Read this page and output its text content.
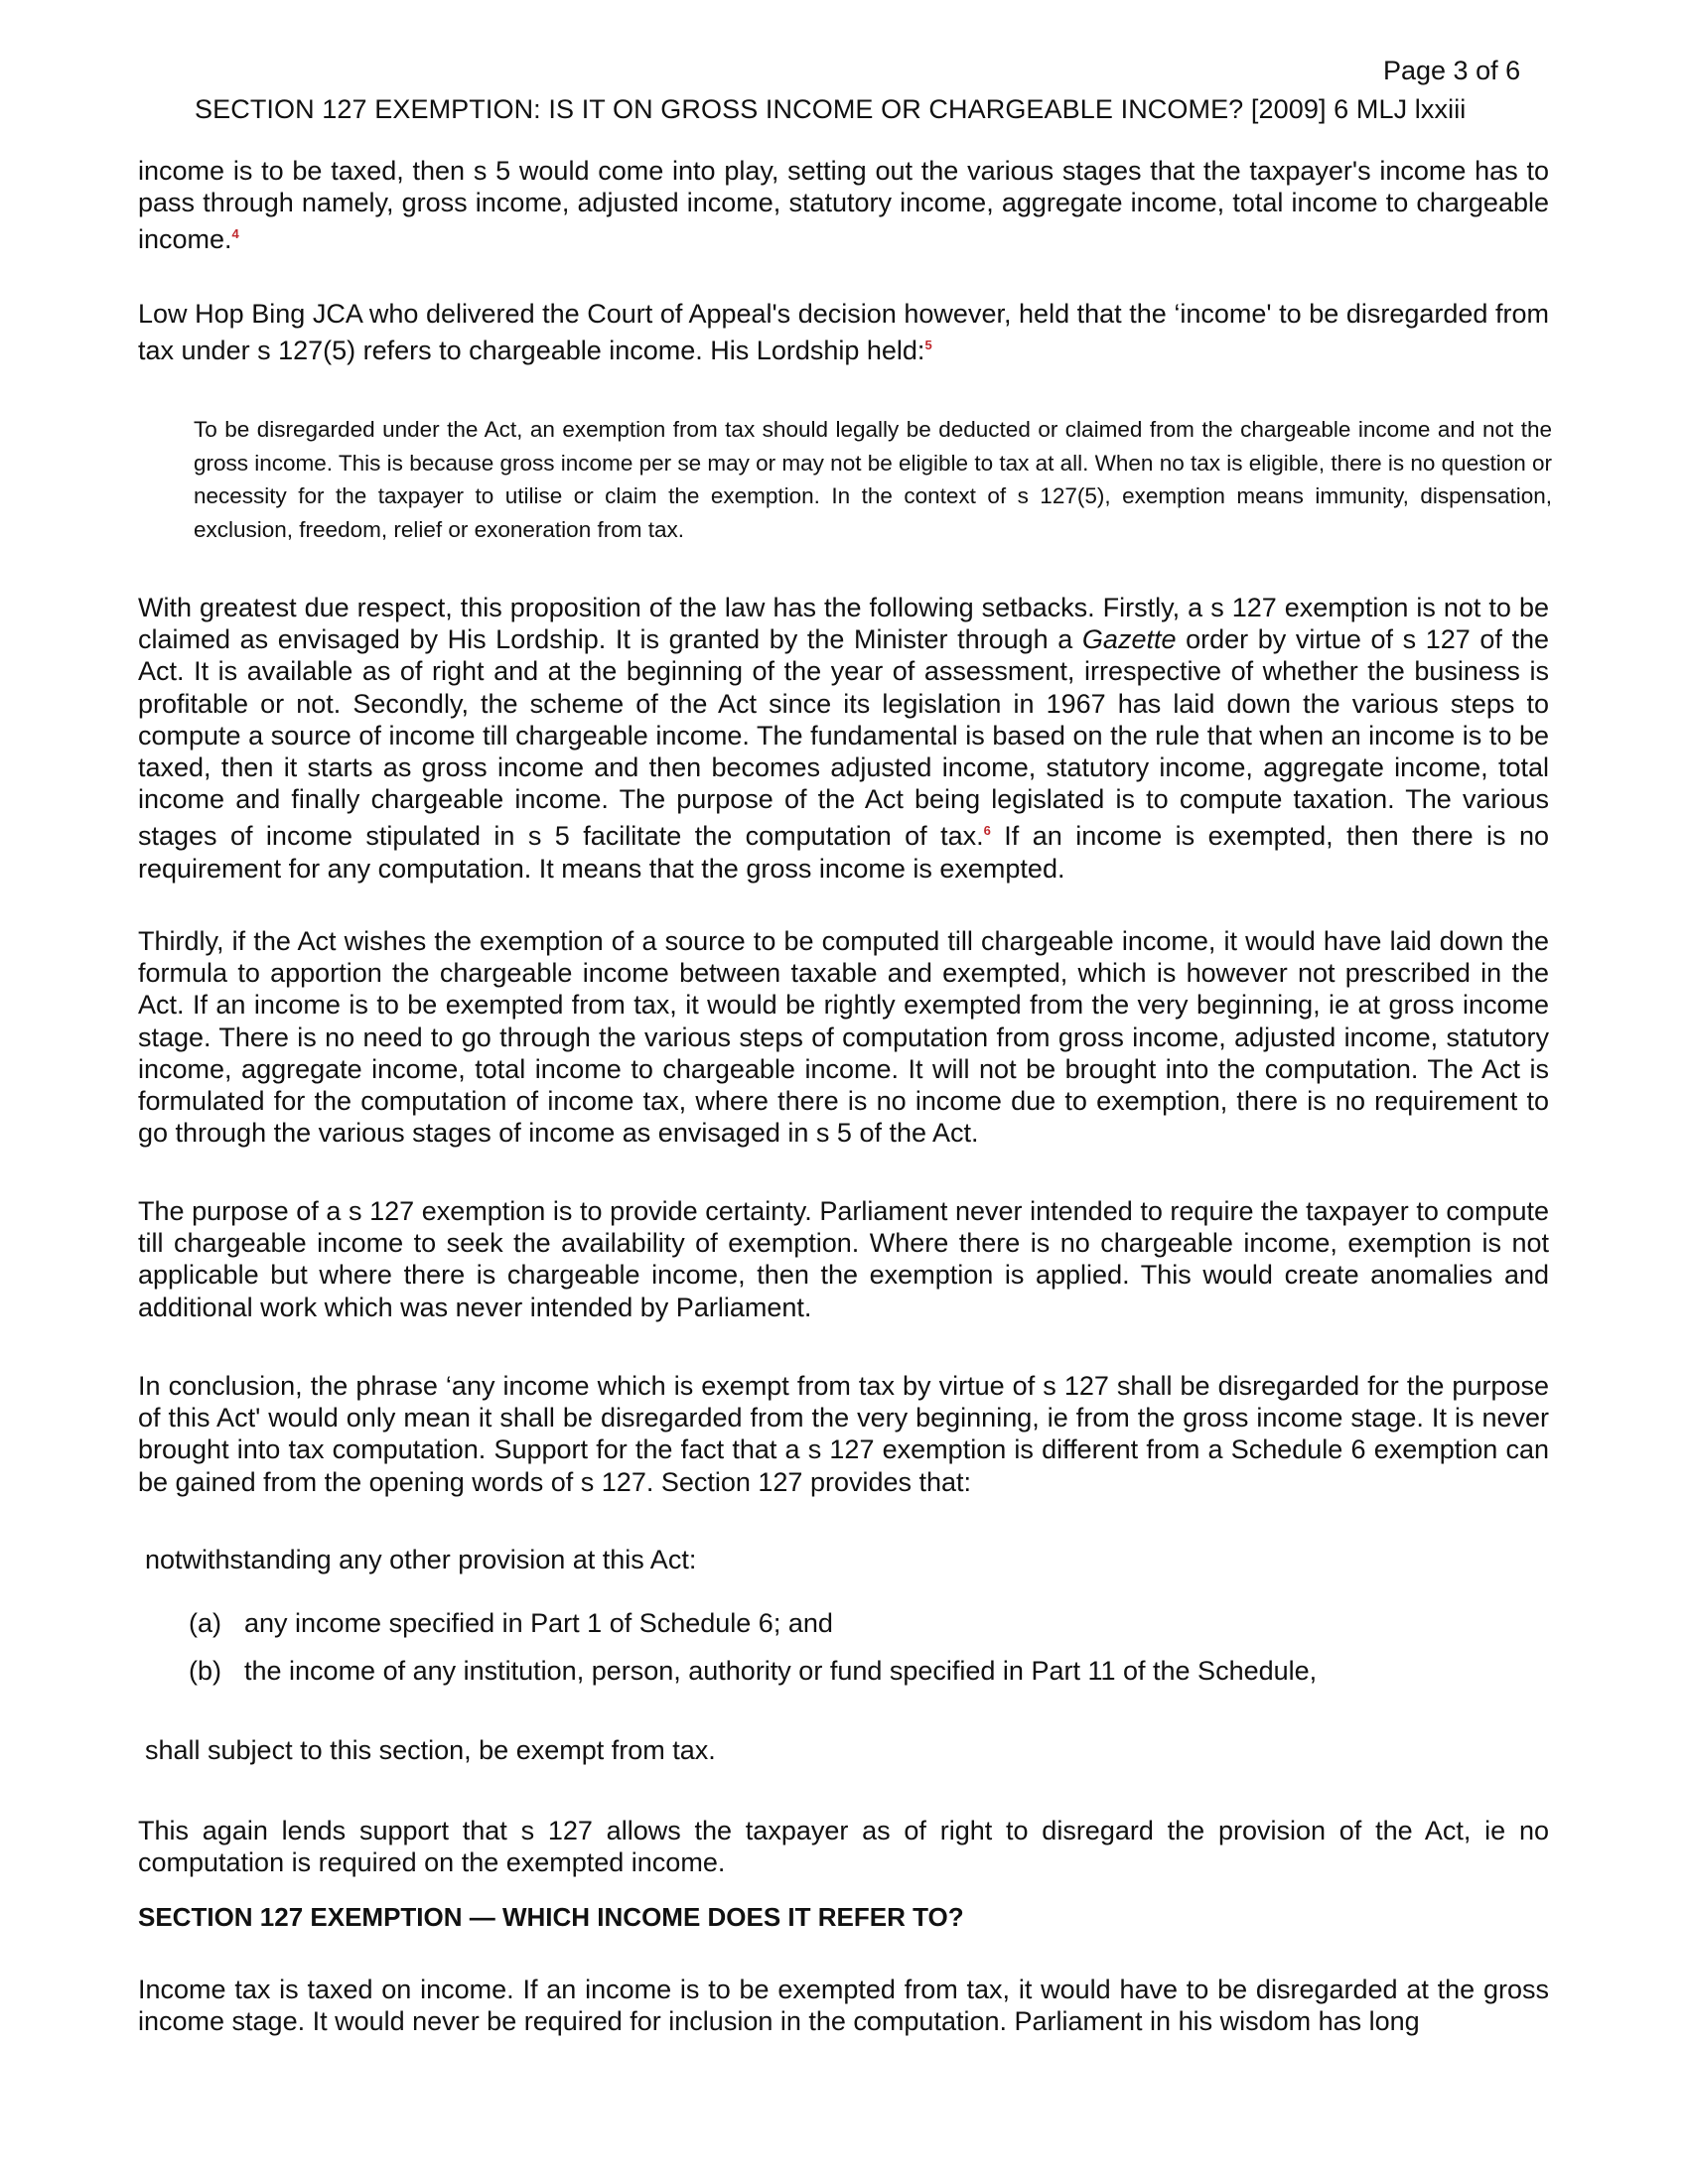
Page 3 of 6
SECTION 127 EXEMPTION: IS IT ON GROSS INCOME OR CHARGEABLE INCOME? [2009] 6 MLJ lxxiii

income is to be taxed, then s 5 would come into play, setting out the various stages that the taxpayer's income has to pass through namely, gross income, adjusted income, statutory income, aggregate income, total income to chargeable income.$^4$

Low Hop Bing JCA who delivered the Court of Appeal's decision however, held that the ‘income' to be disregarded from tax under s 127(5) refers to chargeable income. His Lordship held:$^5$

To be disregarded under the Act, an exemption from tax should legally be deducted or claimed from the chargeable income and not the gross income. This is because gross income per se may or may not be eligible to tax at all. When no tax is eligible, there is no question or necessity for the taxpayer to utilise or claim the exemption. In the context of s 127(5), exemption means immunity, dispensation, exclusion, freedom, relief or exoneration from tax.

With greatest due respect, this proposition of the law has the following setbacks. Firstly, a s 127 exemption is not to be claimed as envisaged by His Lordship. It is granted by the Minister through a Gazette order by virtue of s 127 of the Act. It is available as of right and at the beginning of the year of assessment, irrespective of whether the business is profitable or not. Secondly, the scheme of the Act since its legislation in 1967 has laid down the various steps to compute a source of income till chargeable income. The fundamental is based on the rule that when an income is to be taxed, then it starts as gross income and then becomes adjusted income, statutory income, aggregate income, total income and finally chargeable income. The purpose of the Act being legislated is to compute taxation. The various stages of income stipulated in s 5 facilitate the computation of tax.$^6$ If an income is exempted, then there is no requirement for any computation. It means that the gross income is exempted.

Thirdly, if the Act wishes the exemption of a source to be computed till chargeable income, it would have laid down the formula to apportion the chargeable income between taxable and exempted, which is however not prescribed in the Act. If an income is to be exempted from tax, it would be rightly exempted from the very beginning, ie at gross income stage. There is no need to go through the various steps of computation from gross income, adjusted income, statutory income, aggregate income, total income to chargeable income. It will not be brought into the computation. The Act is formulated for the computation of income tax, where there is no income due to exemption, there is no requirement to go through the various stages of income as envisaged in s 5 of the Act.

The purpose of a s 127 exemption is to provide certainty. Parliament never intended to require the taxpayer to compute till chargeable income to seek the availability of exemption. Where there is no chargeable income, exemption is not applicable but where there is chargeable income, then the exemption is applied. This would create anomalies and additional work which was never intended by Parliament.

In conclusion, the phrase ‘any income which is exempt from tax by virtue of s 127 shall be disregarded for the purpose of this Act' would only mean it shall be disregarded from the very beginning, ie from the gross income stage. It is never brought into tax computation. Support for the fact that a s 127 exemption is different from a Schedule 6 exemption can be gained from the opening words of s 127. Section 127 provides that:

notwithstanding any other provision at this Act:
(a) any income specified in Part 1 of Schedule 6; and
(b) the income of any institution, person, authority or fund specified in Part 11 of the Schedule,
shall subject to this section, be exempt from tax.

This again lends support that s 127 allows the taxpayer as of right to disregard the provision of the Act, ie no computation is required on the exempted income.

SECTION 127 EXEMPTION — WHICH INCOME DOES IT REFER TO?

Income tax is taxed on income. If an income is to be exempted from tax, it would have to be disregarded at the gross income stage. It would never be required for inclusion in the computation. Parliament in his wisdom has long
